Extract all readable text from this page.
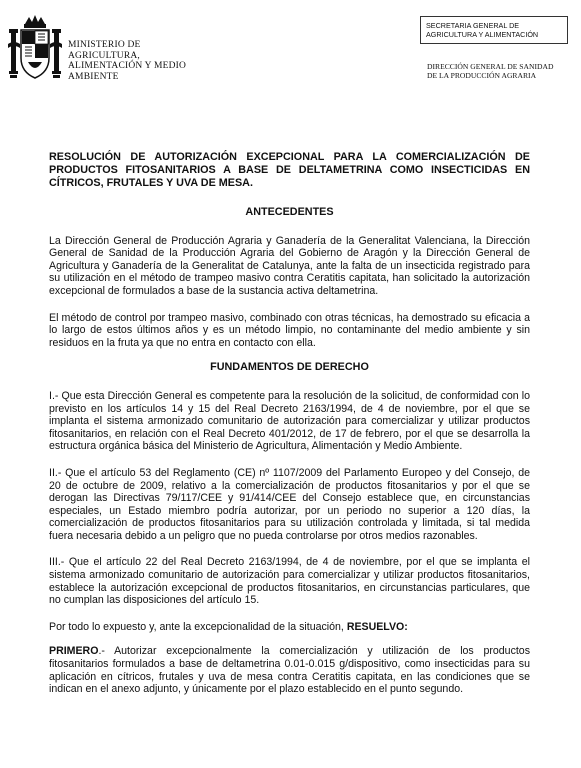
MINISTERIO DE
AGRICULTURA,
ALIMENTACIÓN Y MEDIO
AMBIENTE
SECRETARIA GENERAL DE
AGRICULTURA Y ALIMENTACIÓN
DIRECCIÓN GENERAL DE SANIDAD
DE LA PRODUCCIÓN AGRARIA
RESOLUCIÓN DE AUTORIZACIÓN EXCEPCIONAL PARA LA COMERCIALIZACIÓN DE PRODUCTOS FITOSANITARIOS A BASE DE DELTAMETRINA COMO INSECTICIDAS EN CÍTRICOS, FRUTALES Y UVA DE MESA.
ANTECEDENTES

La Dirección General de Producción Agraria y Ganadería de la Generalitat Valenciana, la Dirección General de Sanidad de la Producción Agraria del Gobierno de Aragón y la Dirección General de Agricultura y Ganadería de la Generalitat de Catalunya, ante la falta de un insecticida registrado para su utilización en el método de trampeo masivo contra Ceratitis capitata, han solicitado la autorización excepcional de formulados a base de la sustancia activa deltametrina.

El método de control por trampeo masivo, combinado con otras técnicas, ha demostrado su eficacia a lo largo de estos últimos años y es un método limpio, no contaminante del medio ambiente y sin residuos en la fruta ya que no entra en contacto con ella.

FUNDAMENTOS DE DERECHO

I.- Que esta Dirección General es competente para la resolución de la solicitud, de conformidad con lo previsto en los artículos 14 y 15 del Real Decreto 2163/1994, de 4 de noviembre, por el que se implanta el sistema armonizado comunitario de autorización para comercializar y utilizar productos fitosanitarios, en relación con el Real Decreto 401/2012, de 17 de febrero, por el que se desarrolla la estructura orgánica básica del Ministerio de Agricultura, Alimentación y Medio Ambiente.

II.- Que el artículo 53 del Reglamento (CE) nº 1107/2009 del Parlamento Europeo y del Consejo, de 20 de octubre de 2009, relativo a la comercialización de productos fitosanitarios y por el que se derogan las Directivas 79/117/CEE y 91/414/CEE del Consejo establece que, en circunstancias especiales, un Estado miembro podría autorizar, por un periodo no superior a 120 días, la comercialización de productos fitosanitarios para su utilización controlada y limitada, si tal medida fuera necesaria debido a un peligro que no pueda controlarse por otros medios razonables.

III.- Que el artículo 22 del Real Decreto 2163/1994, de 4 de noviembre, por el que se implanta el sistema armonizado comunitario de autorización para comercializar y utilizar productos fitosanitarios, establece la autorización excepcional de productos fitosanitarios, en circunstancias particulares, que no cumplan las disposiciones del artículo 15.

Por todo lo expuesto y, ante la excepcionalidad de la situación, RESUELVO:

PRIMERO.- Autorizar excepcionalmente la comercialización y utilización de los productos fitosanitarios formulados a base de deltametrina 0.01-0.015 g/dispositivo, como insecticidas para su aplicación en cítricos, frutales y uva de mesa contra Ceratitis capitata, en las condiciones que se indican en el anexo adjunto, y únicamente por el plazo establecido en el punto segundo.
